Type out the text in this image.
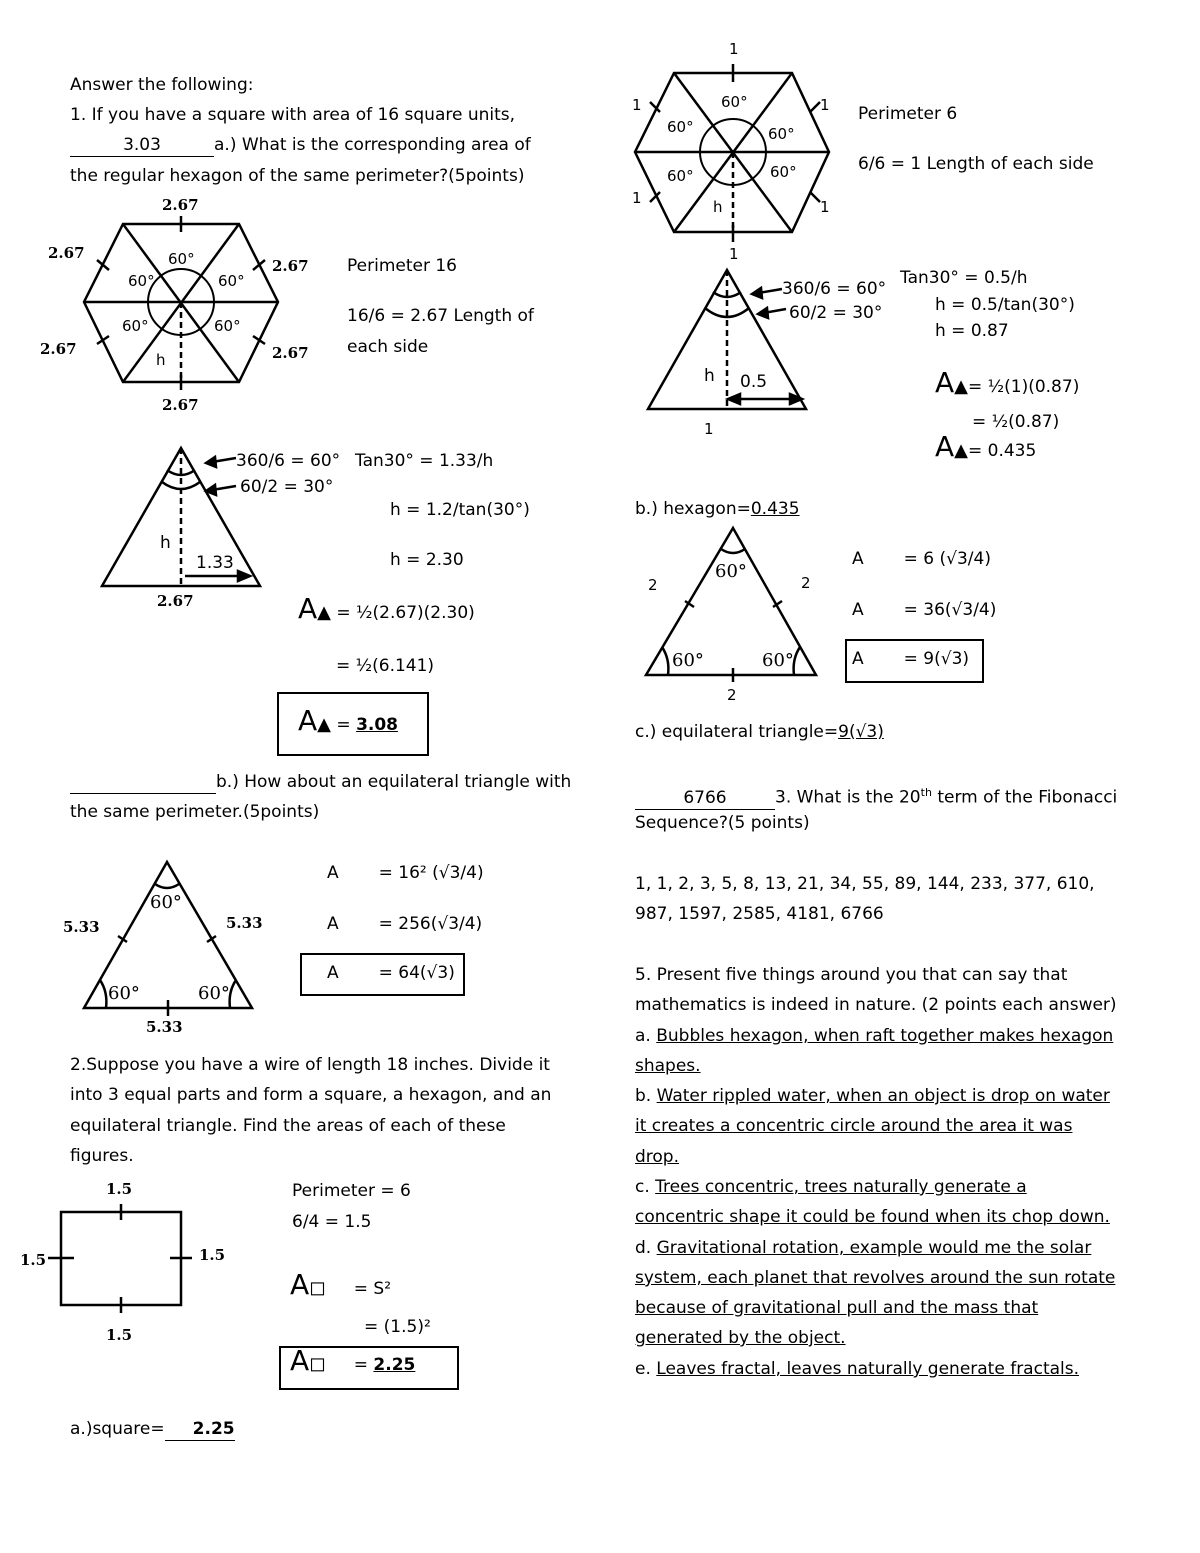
Answer the following:
1. If you have a square with area of 16 square units,
3.03	a.) What is the corresponding area of
the regular hexagon of the same perimeter?(5points)
2.67
2.67
2.67
2.67	2.67
2.67
60°
60°	60°
60°	60°
h
Perimeter 16
16/6 = 2.67 Length of
each side
360/6 = 60°
60/2 = 30°
h
1.33
2.67
Tan30° = 1.33/h
h = 1.2/tan(30°)
h = 2.30
A▲ = ½(2.67)(2.30)
= ½(6.141)
A▲ = 3.08
b.) How about an equilateral triangle with
the same perimeter.(5points)
60°
60°	60°
5.33	5.33
5.33
A = 16² (√3/4)
A = 256(√3/4)
A = 64(√3)
2.Suppose you have a wire of length 18 inches. Divide it
into 3 equal parts and form a square, a hexagon, and an
equilateral triangle. Find the areas of each of these
figures.
1.5
1.5	1.5
1.5
Perimeter = 6
6/4 = 1.5
A◻ = S²
= (1.5)²
A◻ = 2.25
a.)square= 2.25
1
1	1
1	1
1
60°
60°	60°
60°	60°
h
Perimeter 6
6/6 = 1 Length of each side
360/6 = 60°
60/2 = 30°
h 0.5
1
Tan30° = 0.5/h
h = 0.5/tan(30°)
h = 0.87
A▲= ½(1)(0.87)
= ½(0.87)
A▲= 0.435
b.) hexagon=0.435
60°
60°	60°
2	2
2
A = 6 (√3/4)
A = 36(√3/4)
A = 9(√3)
c.) equilateral triangle=9(√3)
6766	3. What is the 20th term of the Fibonacci
Sequence?(5 points)
1, 1, 2, 3, 5, 8, 13, 21, 34, 55, 89, 144, 233, 377, 610,
987, 1597, 2585, 4181, 6766
5. Present five things around you that can say that
mathematics is indeed in nature. (2 points each answer)
a. Bubbles hexagon, when raft together makes hexagon
shapes.
b. Water rippled water, when an object is drop on water
it creates a concentric circle around the area it was
drop.
c. Trees concentric, trees naturally generate a
concentric shape it could be found when its chop down.
d. Gravitational rotation, example would me the solar
system, each planet that revolves around the sun rotate
because of gravitational pull and the mass that
generated by the object.
e. Leaves fractal, leaves naturally generate fractals.
